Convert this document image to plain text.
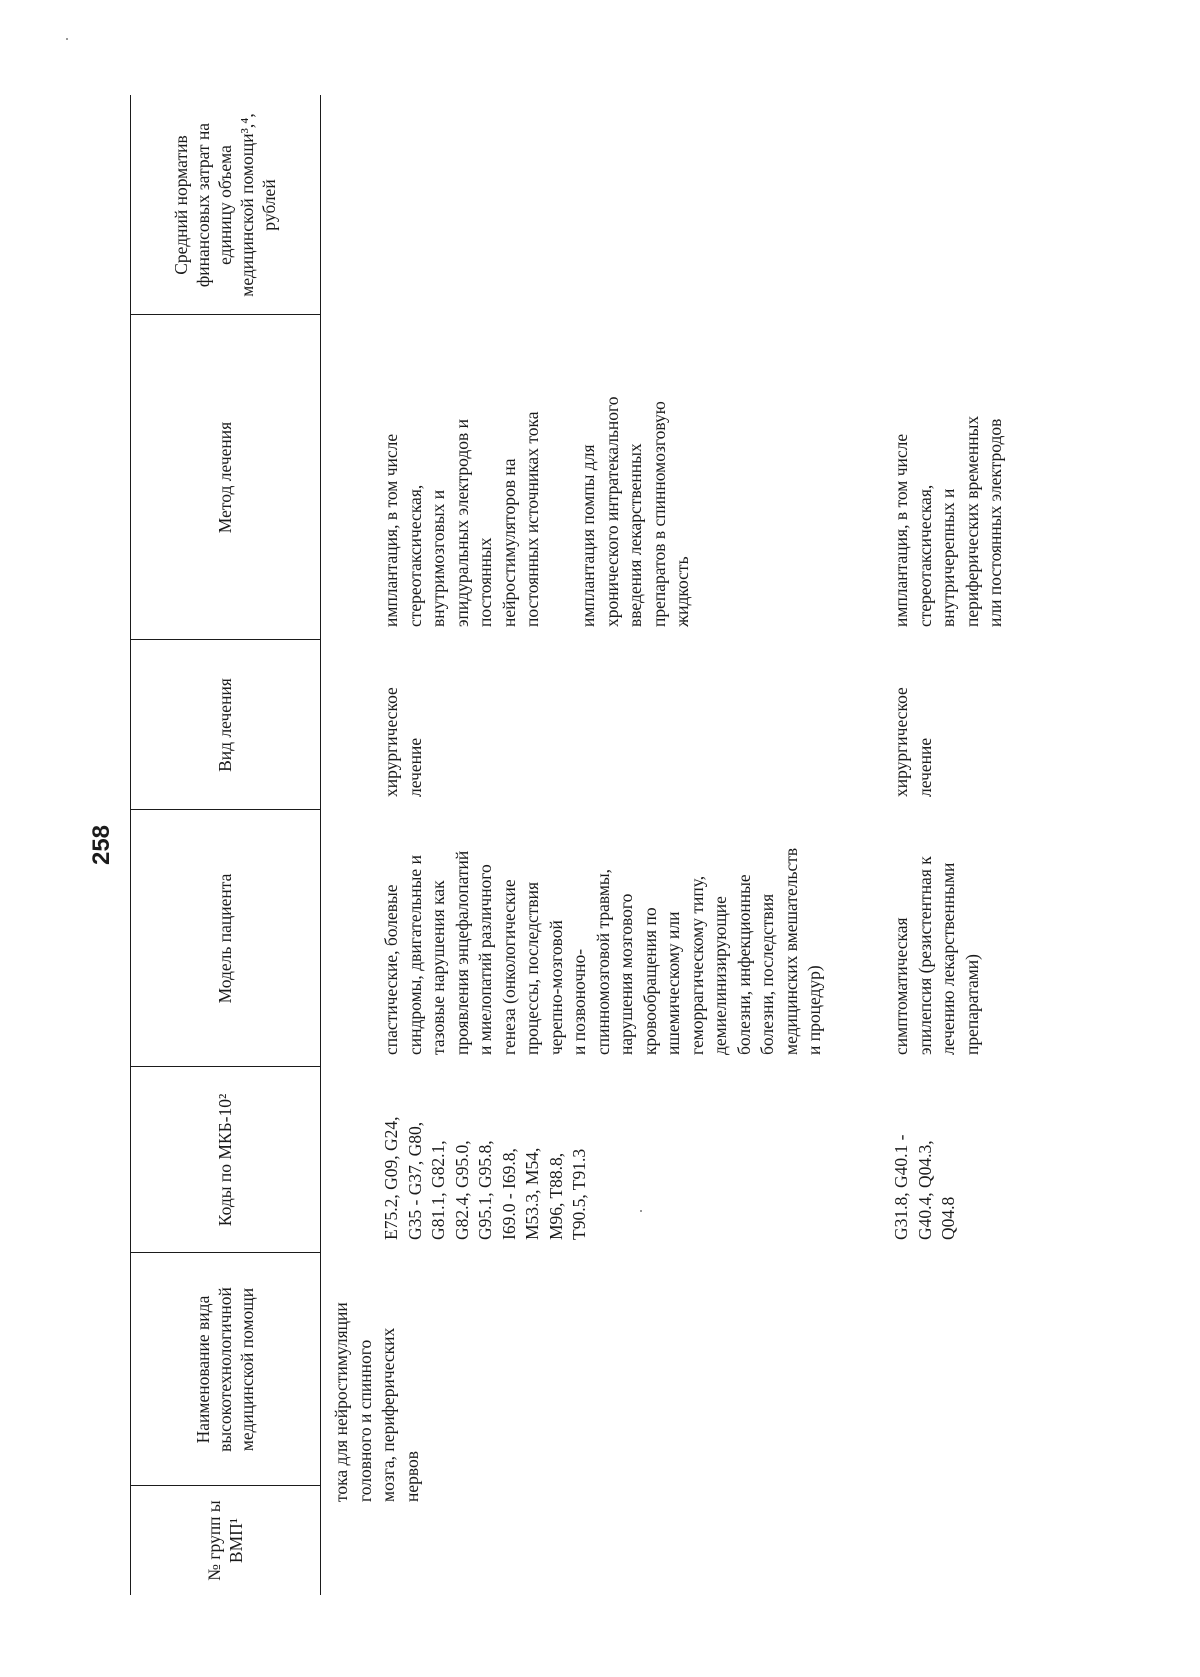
258
№ групп ы ВМП¹
Наименование вида высокотехнологичной медицинской помощи
Коды по МКБ-10²
Модель пациента
Вид лечения
Метод лечения
Средний норматив финансовых затрат на единицу объема медицинской помощи³,⁴, рублей
тока для нейростимуляции
головного и спинного
мозга, периферических
нервов
E75.2, G09, G24,
G35 - G37, G80,
G81.1, G82.1,
G82.4, G95.0,
G95.1, G95.8,
I69.0 - I69.8,
M53.3, M54,
M96, T88.8,
T90.5, T91.3
спастические, болевые
синдромы, двигательные и
тазовые нарушения как
проявления энцефалопатий
и миелопатий различного
генеза (онкологические
процессы, последствия
черепно-мозговой
и позвоночно-
спинномозговой травмы,
нарушения мозгового
кровообращения по
ишемическому или
геморрагическому типу,
демиелинизирующие
болезни, инфекционные
болезни, последствия
медицинских вмешательств
и процедур)
хирургическое
лечение
имплантация, в том числе
стереотаксическая,
внутримозговых и
эпидуральных электродов и
постоянных
нейростимуляторов на
постоянных источниках тока
имплантация помпы для
хронического интратекального
введения лекарственных
препаратов в спинномозговую
жидкость
G31.8, G40.1 -
G40.4, Q04.3,
Q04.8
симптоматическая
эпилепсия (резистентная к
лечению лекарственными
препаратами)
хирургическое
лечение
имплантация, в том числе
стереотаксическая,
внутричерепных и
периферических временных
или постоянных электродов
